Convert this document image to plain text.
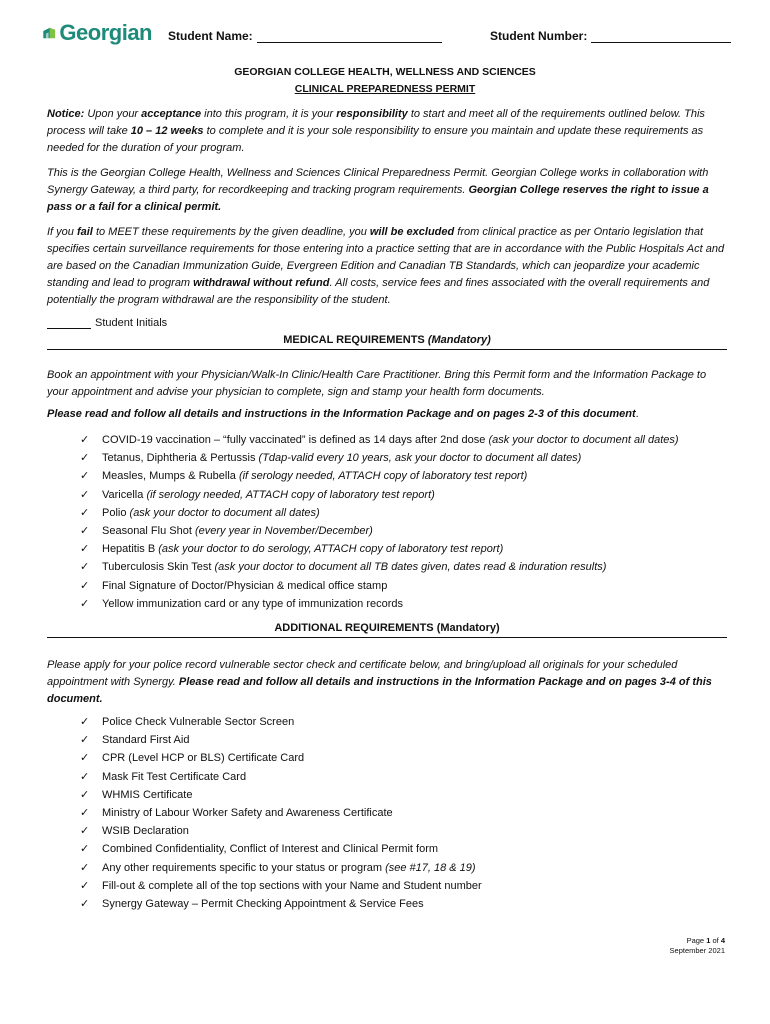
Georgian Student Name:	Student Number:
GEORGIAN COLLEGE HEALTH, WELLNESS AND SCIENCES
CLINICAL PREPAREDNESS PERMIT
Notice: Upon your acceptance into this program, it is your responsibility to start and meet all of the requirements outlined below. This process will take 10 – 12 weeks to complete and it is your sole responsibility to ensure you maintain and update these requirements as needed for the duration of your program.
This is the Georgian College Health, Wellness and Sciences Clinical Preparedness Permit. Georgian College works in collaboration with Synergy Gateway, a third party, for recordkeeping and tracking program requirements. Georgian College reserves the right to issue a pass or a fail for a clinical permit.
If you fail to MEET these requirements by the given deadline, you will be excluded from clinical practice as per Ontario legislation that specifies certain surveillance requirements for those entering into a practice setting that are in accordance with the Public Hospitals Act and are based on the Canadian Immunization Guide, Evergreen Edition and Canadian TB Standards, which can jeopardize your academic standing and lead to program withdrawal without refund. All costs, service fees and fines associated with the overall requirements and potentially the program withdrawal are the responsibility of the student.
Student Initials
MEDICAL REQUIREMENTS (Mandatory)
Book an appointment with your Physician/Walk-In Clinic/Health Care Practitioner. Bring this Permit form and the Information Package to your appointment and advise your physician to complete, sign and stamp your health form documents.
Please read and follow all details and instructions in the Information Package and on pages 2-3 of this document.
✓ COVID-19 vaccination – “fully vaccinated” is defined as 14 days after 2nd dose (ask your doctor to document all dates)
✓ Tetanus, Diphtheria & Pertussis (Tdap-valid every 10 years, ask your doctor to document all dates)
✓ Measles, Mumps & Rubella (if serology needed, ATTACH copy of laboratory test report)
✓ Varicella (if serology needed, ATTACH copy of laboratory test report)
✓ Polio (ask your doctor to document all dates)
✓ Seasonal Flu Shot (every year in November/December)
✓ Hepatitis B (ask your doctor to do serology, ATTACH copy of laboratory test report)
✓ Tuberculosis Skin Test (ask your doctor to document all TB dates given, dates read & induration results)
✓ Final Signature of Doctor/Physician & medical office stamp
✓ Yellow immunization card or any type of immunization records
ADDITIONAL REQUIREMENTS (Mandatory)
Please apply for your police record vulnerable sector check and certificate below, and bring/upload all originals for your scheduled appointment with Synergy. Please read and follow all details and instructions in the Information Package and on pages 3-4 of this document.
✓ Police Check Vulnerable Sector Screen
✓ Standard First Aid
✓ CPR (Level HCP or BLS) Certificate Card
✓ Mask Fit Test Certificate Card
✓ WHMIS Certificate
✓ Ministry of Labour Worker Safety and Awareness Certificate
✓ WSIB Declaration
✓ Combined Confidentiality, Conflict of Interest and Clinical Permit form
✓ Any other requirements specific to your status or program (see #17, 18 & 19)
✓ Fill-out & complete all of the top sections with your Name and Student number
✓ Synergy Gateway – Permit Checking Appointment & Service Fees
Page 1 of 4
September 2021
